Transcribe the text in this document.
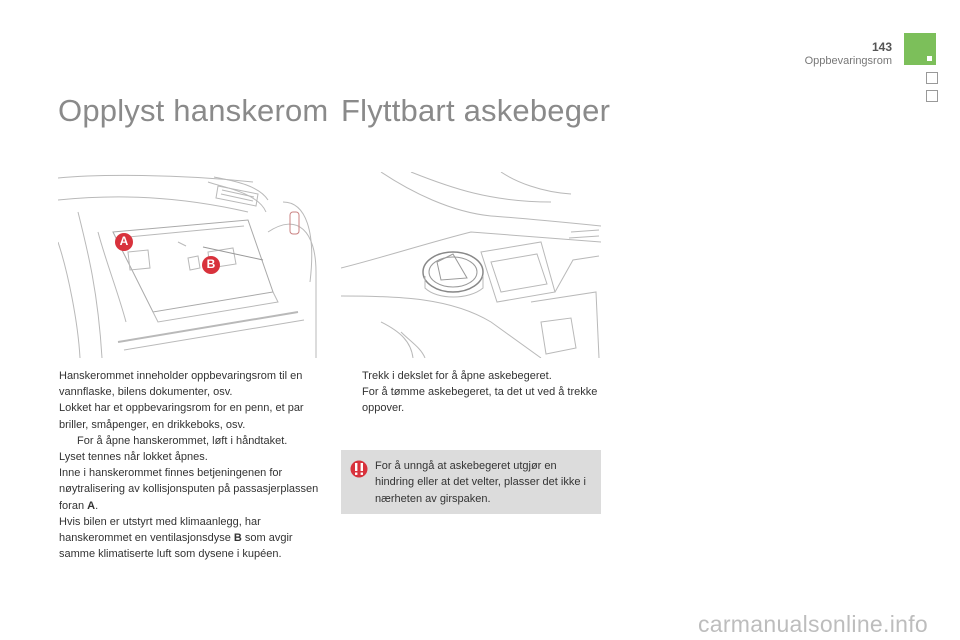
143
Oppbevaringsrom
Opplyst hanskerom Flyttbart askebeger
A
B

Hanskerommet inneholder oppbevaringsrom til en vannflaske, bilens dokumenter, osv.

Lokket har et oppbevaringsrom for en penn, et par briller, småpenger, en drikkeboks, osv.

For å åpne hanskerommet, løft i håndtaket.

Lyset tennes når lokket åpnes.

Inne i hanskerommet finnes betjeningenen for nøytralisering av kollisjonsputen på passasjerplassen foran A.

Hvis bilen er utstyrt med klimaanlegg, har hanskerommet en ventilasjonsdyse B som avgir samme klimatiserte luft som dysene i kupéen.

Trekk i dekslet for å åpne askebegeret.
For å tømme askebegeret, ta det ut ved å trekke oppover.
For å unngå at askebegeret utgjør en hindring eller at det velter, plasser det ikke i nærheten av girspaken.
carmanualsonline.info
